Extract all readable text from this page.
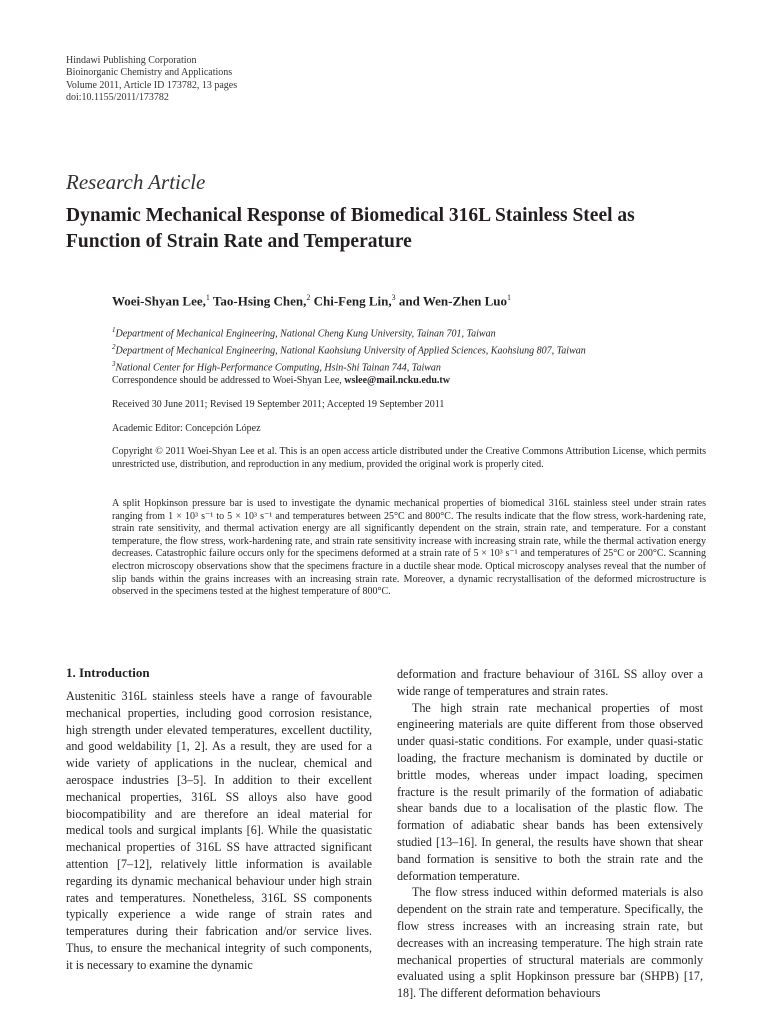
Hindawi Publishing Corporation
Bioinorganic Chemistry and Applications
Volume 2011, Article ID 173782, 13 pages
doi:10.1155/2011/173782
Research Article
Dynamic Mechanical Response of Biomedical 316L Stainless Steel as Function of Strain Rate and Temperature
Woei-Shyan Lee,$^1$ Tao-Hsing Chen,$^2$ Chi-Feng Lin,$^3$ and Wen-Zhen Luo$^1$
$^1$Department of Mechanical Engineering, National Cheng Kung University, Tainan 701, Taiwan
$^2$Department of Mechanical Engineering, National Kaohsiung University of Applied Sciences, Kaohsiung 807, Taiwan
$^3$National Center for High-Performance Computing, Hsin-Shi Tainan 744, Taiwan
Correspondence should be addressed to Woei-Shyan Lee, wslee@mail.ncku.edu.tw
Received 30 June 2011; Revised 19 September 2011; Accepted 19 September 2011
Academic Editor: Concepción López
Copyright © 2011 Woei-Shyan Lee et al. This is an open access article distributed under the Creative Commons Attribution License, which permits unrestricted use, distribution, and reproduction in any medium, provided the original work is properly cited.

A split Hopkinson pressure bar is used to investigate the dynamic mechanical properties of biomedical 316L stainless steel under strain rates ranging from 1 × 10³ s⁻¹ to 5 × 10³ s⁻¹ and temperatures between 25°C and 800°C. The results indicate that the flow stress, work-hardening rate, strain rate sensitivity, and thermal activation energy are all significantly dependent on the strain, strain rate, and temperature. For a constant temperature, the flow stress, work-hardening rate, and strain rate sensitivity increase with increasing strain rate, while the thermal activation energy decreases. Catastrophic failure occurs only for the specimens deformed at a strain rate of 5 × 10³ s⁻¹ and temperatures of 25°C or 200°C. Scanning electron microscopy observations show that the specimens fracture in a ductile shear mode. Optical microscopy analyses reveal that the number of slip bands within the grains increases with an increasing strain rate. Moreover, a dynamic recrystallisation of the deformed microstructure is observed in the specimens tested at the highest temperature of 800°C.

1. Introduction

Austenitic 316L stainless steels have a range of favourable mechanical properties, including good corrosion resistance, high strength under elevated temperatures, excellent ductility, and good weldability [1, 2]. As a result, they are used for a wide variety of applications in the nuclear, chemical and aerospace industries [3–5]. In addition to their excellent mechanical properties, 316L SS alloys also have good biocompatibility and are therefore an ideal material for medical tools and surgical implants [6]. While the quasistatic mechanical properties of 316L SS have attracted significant attention [7–12], relatively little information is available regarding its dynamic mechanical behaviour under high strain rates and temperatures. Nonetheless, 316L SS components typically experience a wide range of strain rates and temperatures during their fabrication and/or service lives. Thus, to ensure the mechanical integrity of such components, it is necessary to examine the dynamic

deformation and fracture behaviour of 316L SS alloy over a wide range of temperatures and strain rates.

The high strain rate mechanical properties of most engineering materials are quite different from those observed under quasi-static conditions. For example, under quasi-static loading, the fracture mechanism is dominated by ductile or brittle modes, whereas under impact loading, specimen fracture is the result primarily of the formation of adiabatic shear bands due to a localisation of the plastic flow. The formation of adiabatic shear bands has been extensively studied [13–16]. In general, the results have shown that shear band formation is sensitive to both the strain rate and the deformation temperature.

The flow stress induced within deformed materials is also dependent on the strain rate and temperature. Specifically, the flow stress increases with an increasing strain rate, but decreases with an increasing temperature. The high strain rate mechanical properties of structural materials are commonly evaluated using a split Hopkinson pressure bar (SHPB) [17, 18]. The different deformation behaviours
